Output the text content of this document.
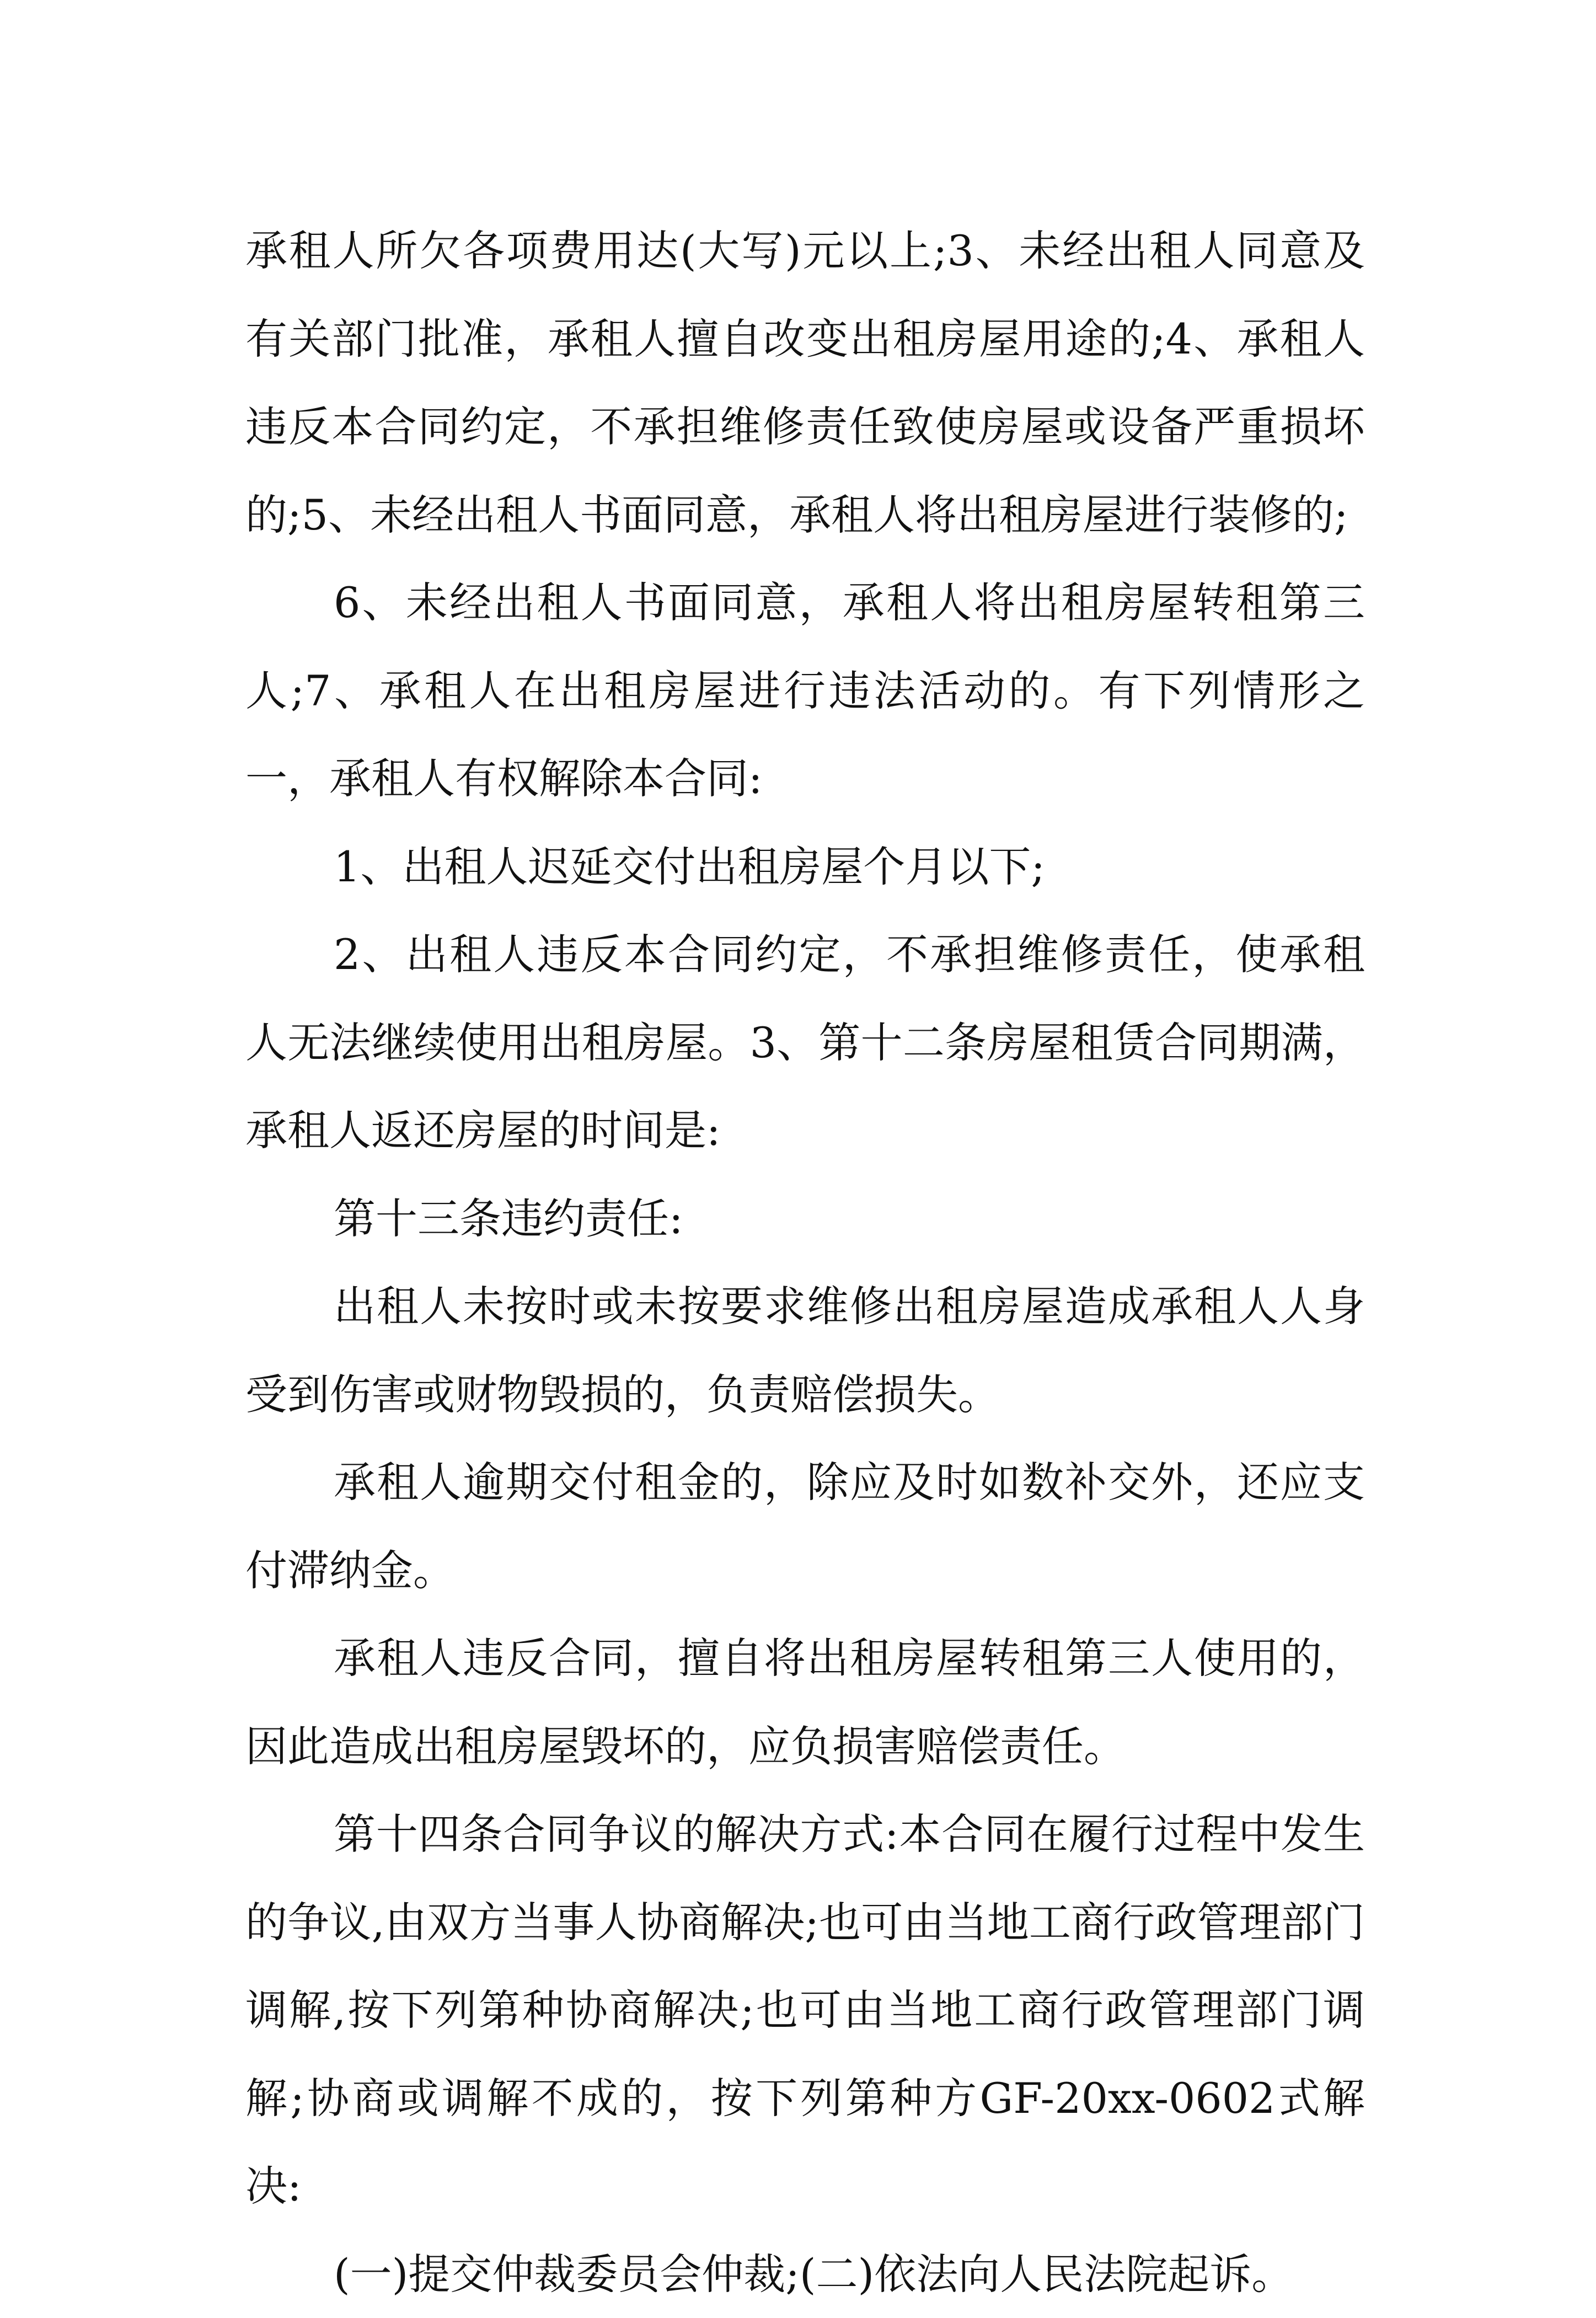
承租人所欠各项费用达(大写)元以上;3、未经出租人同意及有关部门批准，承租人擅自改变出租房屋用途的;4、承租人违反本合同约定，不承担维修责任致使房屋或设备严重损坏的;5、未经出租人书面同意，承租人将出租房屋进行装修的;

6、未经出租人书面同意，承租人将出租房屋转租第三人;7、承租人在出租房屋进行违法活动的。有下列情形之一，承租人有权解除本合同:

1、出租人迟延交付出租房屋个月以下;

2、出租人违反本合同约定，不承担维修责任，使承租人无法继续使用出租房屋。3、第十二条房屋租赁合同期满，承租人返还房屋的时间是:

第十三条违约责任:

出租人未按时或未按要求维修出租房屋造成承租人人身受到伤害或财物毁损的，负责赔偿损失。

承租人逾期交付租金的，除应及时如数补交外，还应支付滞纳金。

承租人违反合同，擅自将出租房屋转租第三人使用的，因此造成出租房屋毁坏的，应负损害赔偿责任。

第十四条合同争议的解决方式:本合同在履行过程中发生的争议,由双方当事人协商解决;也可由当地工商行政管理部门调解,按下列第种协商解决;也可由当地工商行政管理部门调解;协商或调解不成的，按下列第种方GF-20xx-0602式解决:

(一)提交仲裁委员会仲裁;(二)依法向人民法院起诉。
